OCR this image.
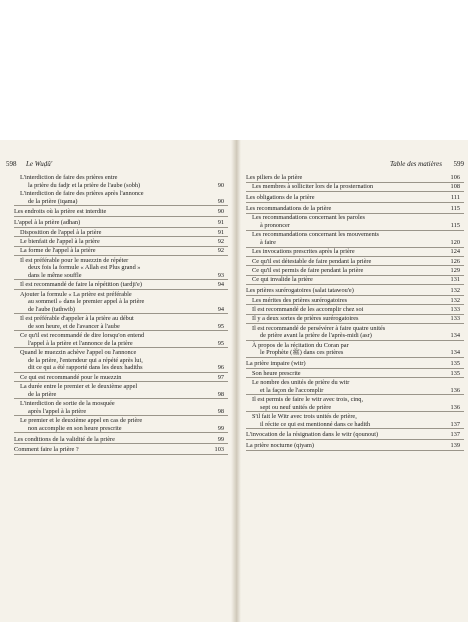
598 Le Wuḍû'
L'interdiction de faire des prières entre
la prière du fadjr et la prière de l'aube (sobh)	90
L'interdiction de faire des prières après l'annonce
de la prière (iqama)	90
Les endroits où la prière est interdite	90
L'appel à la prière (adhan)	91
Disposition de l'appel à la prière	91
Le bienfait de l'appel à la prière	92
La forme de l'appel à la prière	92
Il est préférable pour le muezzin de répéter
deux fois la formule « Allah est Plus grand »
dans le même souffle	93
Il est recommandé de faire la répétition (tardji'e)	94
Ajouter la formule « La prière est préférable
au sommeil » dans le premier appel à la prière
de l'aube (tathwib)	94
Il est préférable d'appeler à la prière au début
de son heure, et de l'avancer à l'aube	95
Ce qu'il est recommandé de dire lorsqu'on entend
l'appel à la prière et l'annonce de la prière	95
Quand le muezzin achève l'appel ou l'annonce
de la prière, l'entendeur qui a répété après lui,
dit ce qui a été rapporté dans les deux hadiths	96
Ce qui est recommandé pour le muezzin	97
La durée entre le premier et le deuxième appel
de la prière	98
L'interdiction de sortie de la mosquée
après l'appel à la prière	98
Le premier et le deuxième appel en cas de prière
non accomplie en son heure prescrite	99
Les conditions de la validité de la prière	99
Comment faire la prière ?	103
Table des matières 599
Les piliers de la prière	106
Les membres à solliciter lors de la prosternation	108
Les obligations de la prière	111
Les recommandations de la prière	115
Les recommandations concernant les paroles
à prononcer	115
Les recommandations concernant les mouvements
à faire	120
Les invocations prescrites après la prière	124
Ce qu'il est détestable de faire pendant la prière	126
Ce qu'il est permis de faire pendant la prière	129
Ce qui invalide la prière	131
Les prières surérogatoires (salat tatawou'e)	132
Les mérites des prières surérogatoires	132
Il est recommandé de les accomplir chez soi	133
Il y a deux sortes de prières surérogatoires	133
Il est recommandé de persévérer à faire quatre unités
de prière avant la prière de l'après-midi (asr)	134
À propos de la récitation du Coran par
le Prophète (ﷺ) dans ces prières	134
La prière impaire (witr)	135
Son heure prescrite	135
Le nombre des unités de prière du witr
et la façon de l'accomplir	136
Il est permis de faire le witr avec trois, cinq,
sept ou neuf unités de prière	136
S'il fait le Witr avec trois unités de prière,
il récite ce qui est mentionné dans ce hadith	137
L'invocation de la résignation dans le witr (qounout)	137
La prière nocturne (qiyam)	139
